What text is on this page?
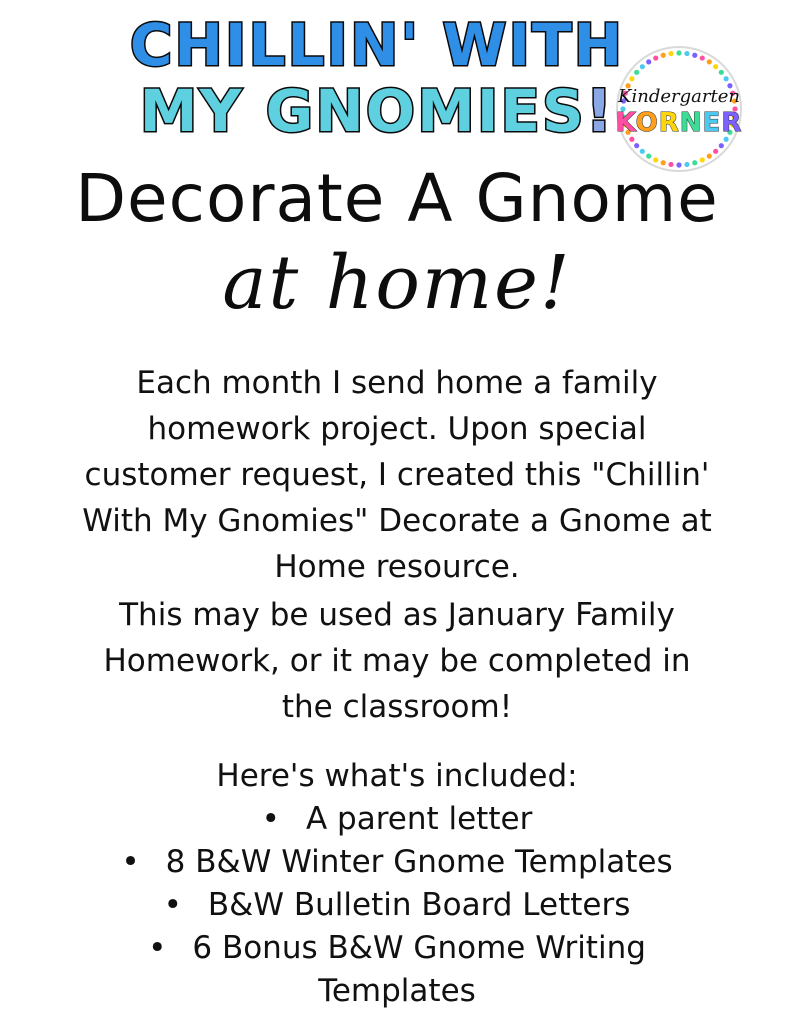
CHILLIN' WITH
MY GNOMIES! Kindergarten
KORNER
Decorate A Gnome
at home!
Each month I send home a family
homework project. Upon special
customer request, I created this "Chillin'
With My Gnomies" Decorate a Gnome at
Home resource.
This may be used as January Family
Homework, or it may be completed in
the classroom!
Here's what's included:
• A parent letter
• 8 B&W Winter Gnome Templates
• B&W Bulletin Board Letters
• 6 Bonus B&W Gnome Writing
Templates
